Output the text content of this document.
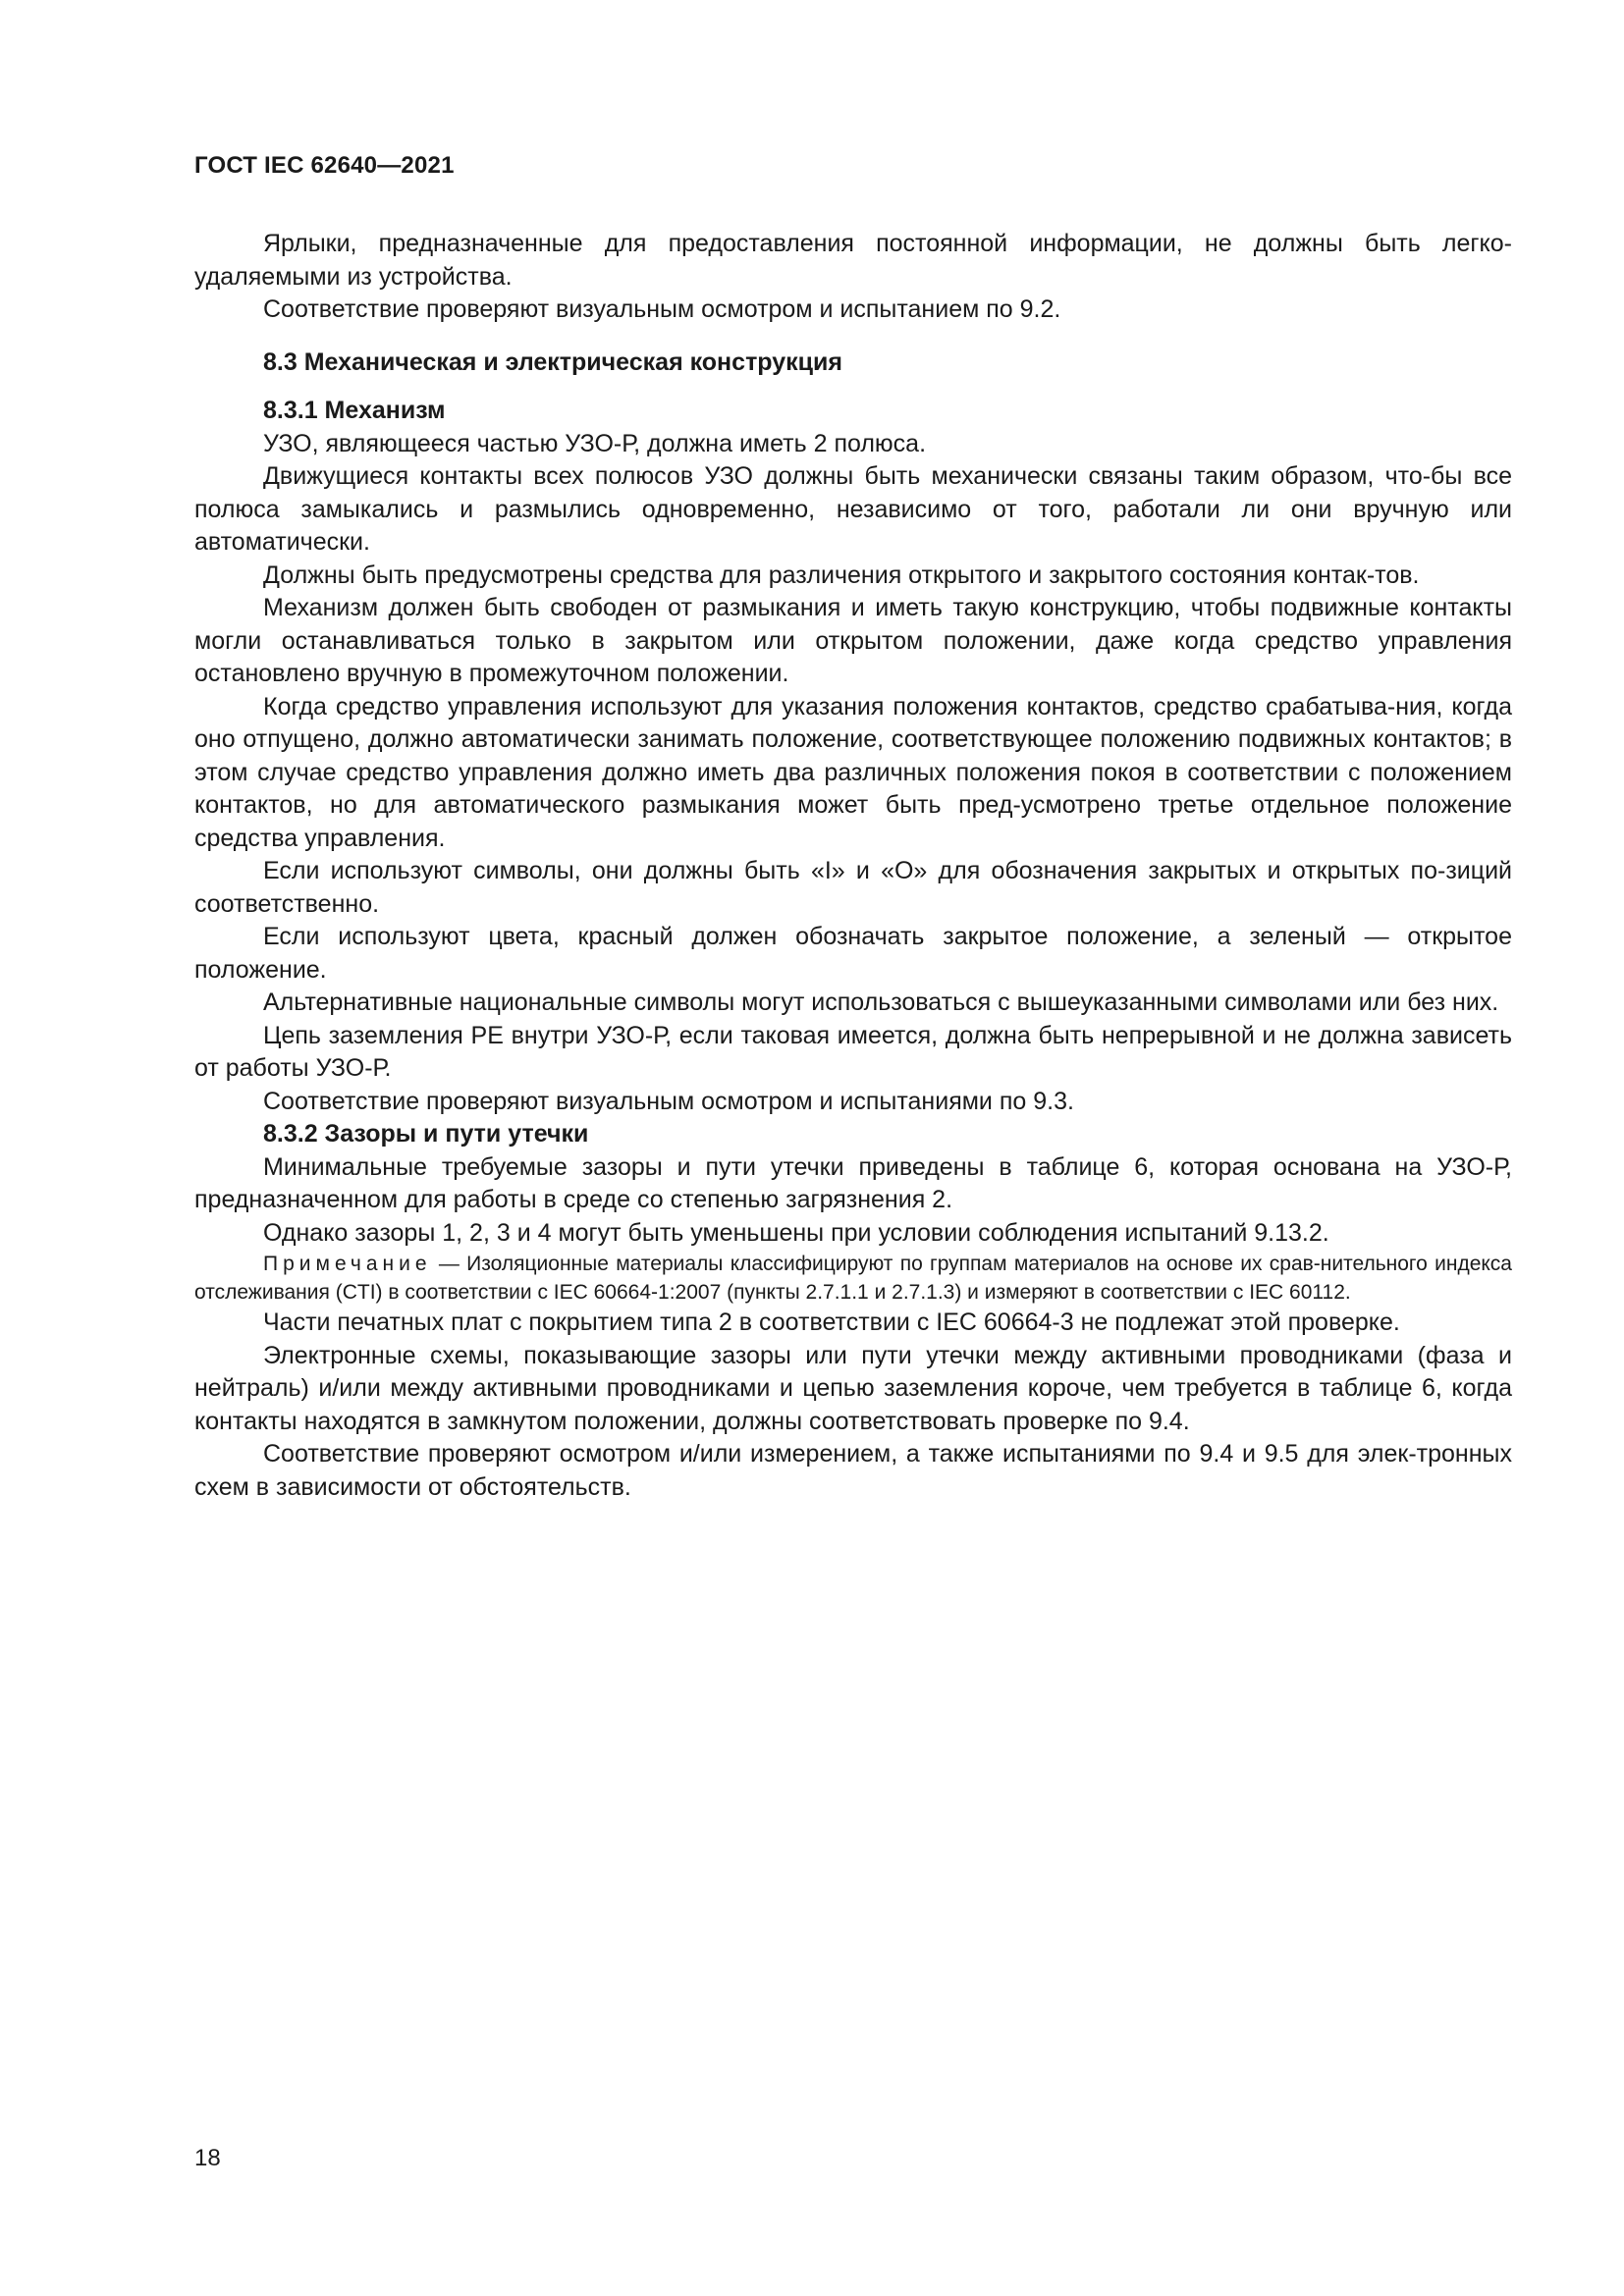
ГОСТ IEC 62640—2021

Ярлыки, предназначенные для предоставления постоянной информации, не должны быть легко-удаляемыми из устройства.

Соответствие проверяют визуальным осмотром и испытанием по 9.2.

8.3 Механическая и электрическая конструкция

8.3.1 Механизм

УЗО, являющееся частью УЗО-Р, должна иметь 2 полюса.

Движущиеся контакты всех полюсов УЗО должны быть механически связаны таким образом, что-бы все полюса замыкались и размылись одновременно, независимо от того, работали ли они вручную или автоматически.

Должны быть предусмотрены средства для различения открытого и закрытого состояния контак-тов.

Механизм должен быть свободен от размыкания и иметь такую конструкцию, чтобы подвижные контакты могли останавливаться только в закрытом или открытом положении, даже когда средство управления остановлено вручную в промежуточном положении.

Когда средство управления используют для указания положения контактов, средство срабатыва-ния, когда оно отпущено, должно автоматически занимать положение, соответствующее положению подвижных контактов; в этом случае средство управления должно иметь два различных положения покоя в соответствии с положением контактов, но для автоматического размыкания может быть пред-усмотрено третье отдельное положение средства управления.

Если используют символы, они должны быть «I» и «O» для обозначения закрытых и открытых по-зиций соответственно.

Если используют цвета, красный должен обозначать закрытое положение, а зеленый — открытое положение.

Альтернативные национальные символы могут использоваться с вышеуказанными символами или без них.

Цепь заземления PE внутри УЗО-Р, если таковая имеется, должна быть непрерывной и не должна зависеть от работы УЗО-Р.

Соответствие проверяют визуальным осмотром и испытаниями по 9.3.

8.3.2 Зазоры и пути утечки

Минимальные требуемые зазоры и пути утечки приведены в таблице 6, которая основана на УЗО-Р, предназначенном для работы в среде со степенью загрязнения 2.

Однако зазоры 1, 2, 3 и 4 могут быть уменьшены при условии соблюдения испытаний 9.13.2.

Примечание — Изоляционные материалы классифицируют по группам материалов на основе их срав-нительного индекса отслеживания (CTI) в соответствии с IEC 60664-1:2007 (пункты 2.7.1.1 и 2.7.1.3) и измеряют в соответствии с IEC 60112.

Части печатных плат с покрытием типа 2 в соответствии с IEC 60664-3 не подлежат этой проверке.

Электронные схемы, показывающие зазоры или пути утечки между активными проводниками (фаза и нейтраль) и/или между активными проводниками и цепью заземления короче, чем требуется в таблице 6, когда контакты находятся в замкнутом положении, должны соответствовать проверке по 9.4.

Соответствие проверяют осмотром и/или измерением, а также испытаниями по 9.4 и 9.5 для элек-тронных схем в зависимости от обстоятельств.

18
